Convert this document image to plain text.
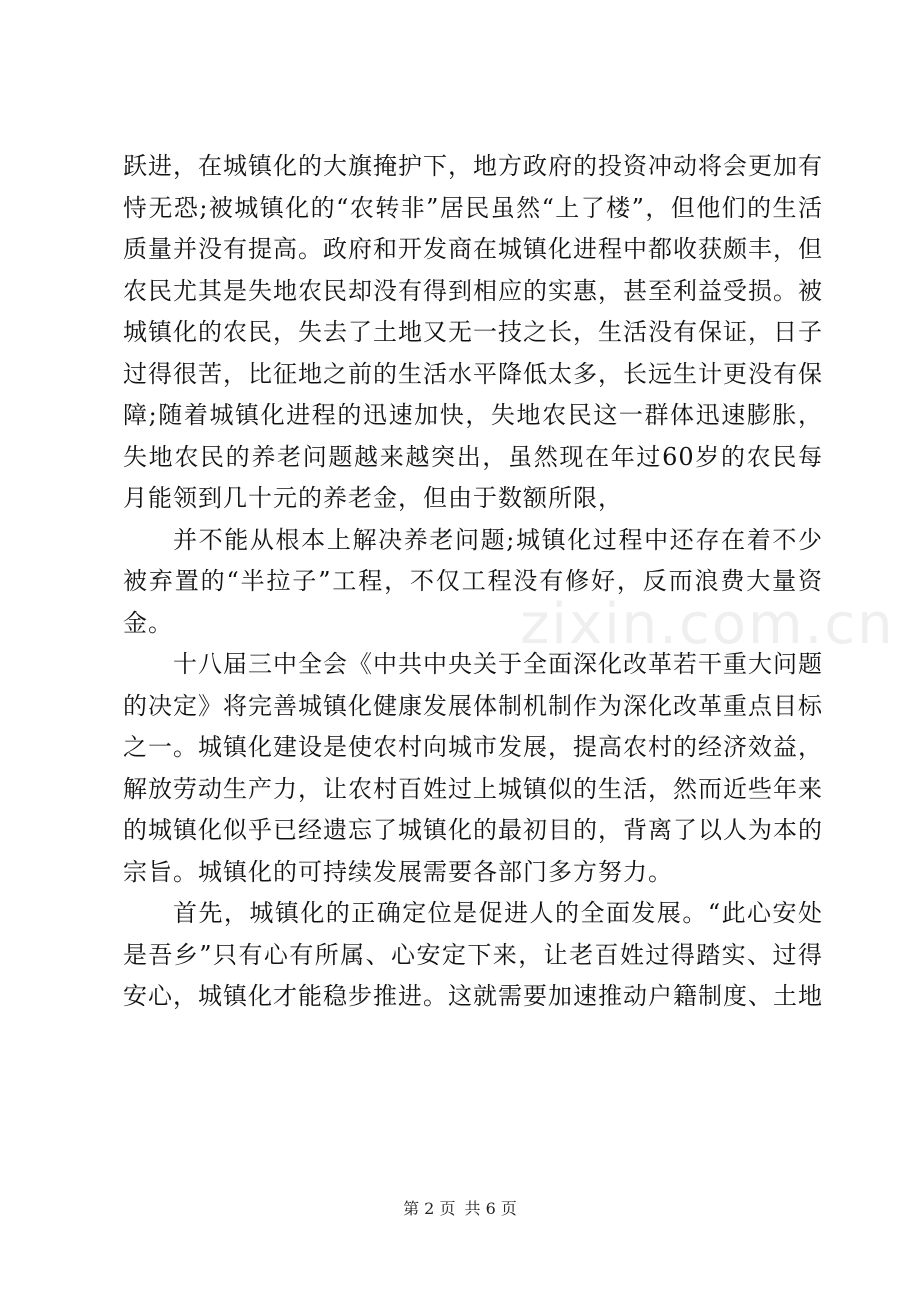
跃进，在城镇化的大旗掩护下，地方政府的投资冲动将会更加有恃无恐;被城镇化的“农转非”居民虽然“上了楼”，但他们的生活质量并没有提高。政府和开发商在城镇化进程中都收获颇丰，但农民尤其是失地农民却没有得到相应的实惠，甚至利益受损。被城镇化的农民，失去了土地又无一技之长，生活没有保证，日子过得很苦，比征地之前的生活水平降低太多，长远生计更没有保障;随着城镇化进程的迅速加快，失地农民这一群体迅速膨胀，失地农民的养老问题越来越突出，虽然现在年过60岁的农民每月能领到几十元的养老金，但由于数额所限，

并不能从根本上解决养老问题;城镇化过程中还存在着不少被弃置的“半拉子”工程，不仅工程没有修好，反而浪费大量资金。

十八届三中全会《中共中央关于全面深化改革若干重大问题的决定》将完善城镇化健康发展体制机制作为深化改革重点目标之一。城镇化建设是使农村向城市发展，提高农村的经济效益，解放劳动生产力，让农村百姓过上城镇似的生活，然而近些年来的城镇化似乎已经遗忘了城镇化的最初目的，背离了以人为本的宗旨。城镇化的可持续发展需要各部门多方努力。

首先，城镇化的正确定位是促进人的全面发展。“此心安处是吾乡”只有心有所属、心安定下来，让老百姓过得踏实、过得安心，城镇化才能稳步推进。这就需要加速推动户籍制度、土地

zixin.com.cn
第 2 页 共 6 页
